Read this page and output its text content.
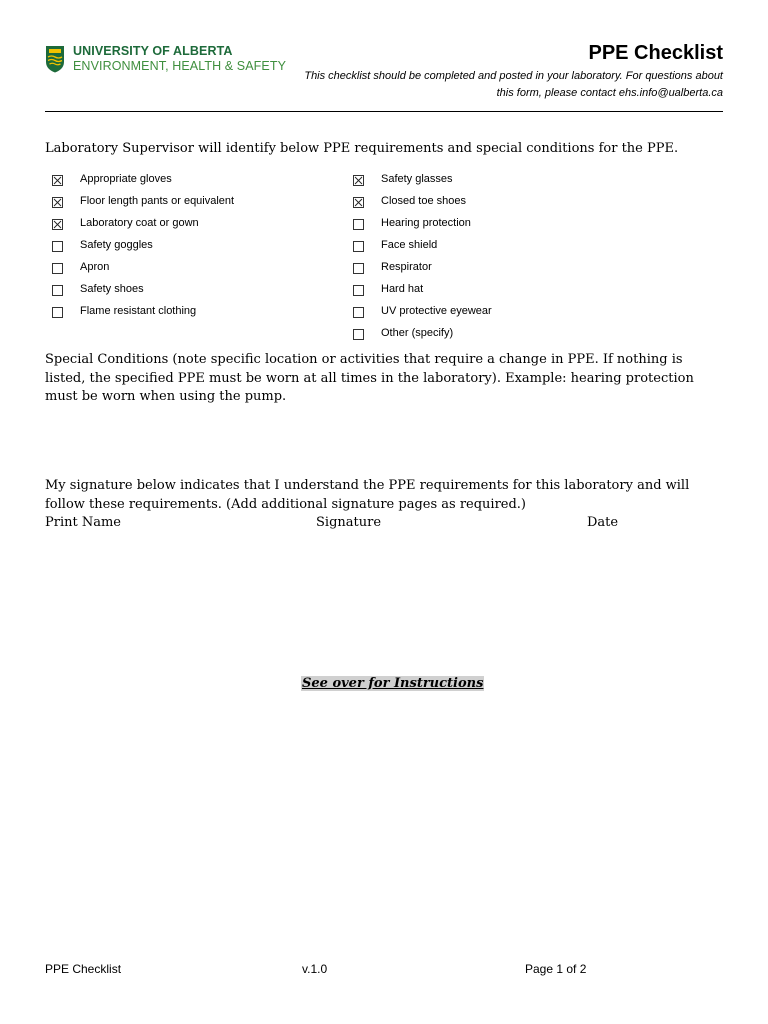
UNIVERSITY OF ALBERTA
ENVIRONMENT, HEALTH & SAFETY
PPE Checklist
This checklist should be completed and posted in your laboratory. For questions about this form, please contact ehs.info@ualberta.ca
Laboratory Supervisor will identify below PPE requirements and special conditions for the PPE.
Appropriate gloves
Floor length pants or equivalent
Laboratory coat or gown
Safety goggles
Apron
Safety shoes
Flame resistant clothing
Safety glasses
Closed toe shoes
Hearing protection
Face shield
Respirator
Hard hat
UV protective eyewear
Other (specify)
Special Conditions (note specific location or activities that require a change in PPE. If nothing is listed, the specified PPE must be worn at all times in the laboratory). Example: hearing protection must be worn when using the pump.
My signature below indicates that I understand the PPE requirements for this laboratory and will follow these requirements. (Add additional signature pages as required.)
Print Name	Signature	Date
See over for Instructions
PPE Checklist	v.1.0	Page 1 of 2
